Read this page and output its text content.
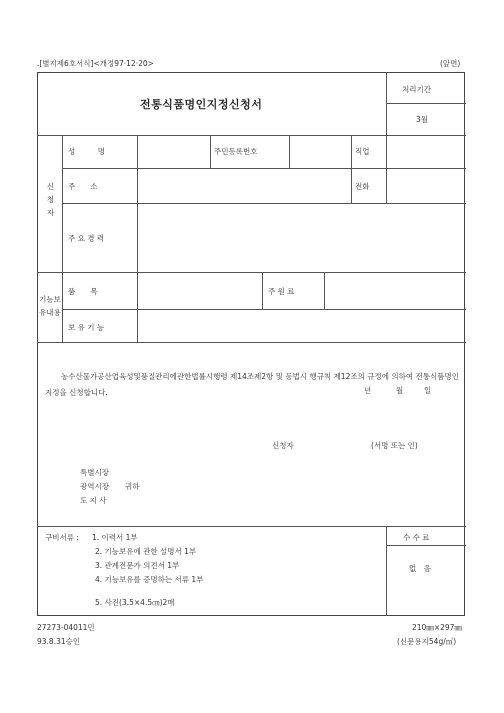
.[별지제6호서식]<개정97·12·20>	(앞면)
전통식품명인지정신청서
처리기간
3월
신청자
성　　　명	주민등록번호	직업
주　　소	전화
주 요 경 력
기능보유내용
품　　목	주 원 료
보 유 기 능
농수산물가공산업육성및품질관리에관한법률시행령 제14조제2항 및 동법시 행규칙 제12조의 규정에 의하여 전통식품명인지정을 신청합니다.	년	월	일
신청자	(서명 또는 인)
특별시장
광역시장 귀하
도 지 사
구비서류 : 1. 이력서 1부
2. 기능보유에 관한 설명서 1부
3. 관계전문가 의견서 1부
4. 기능보유를 증명하는 서류 1부
5. 사진(3.5×4.5㎝)2매
수 수 료
없　음
27273-04011민
93.8.31승인
210㎜×297㎜
(신문용지54g/㎡)
